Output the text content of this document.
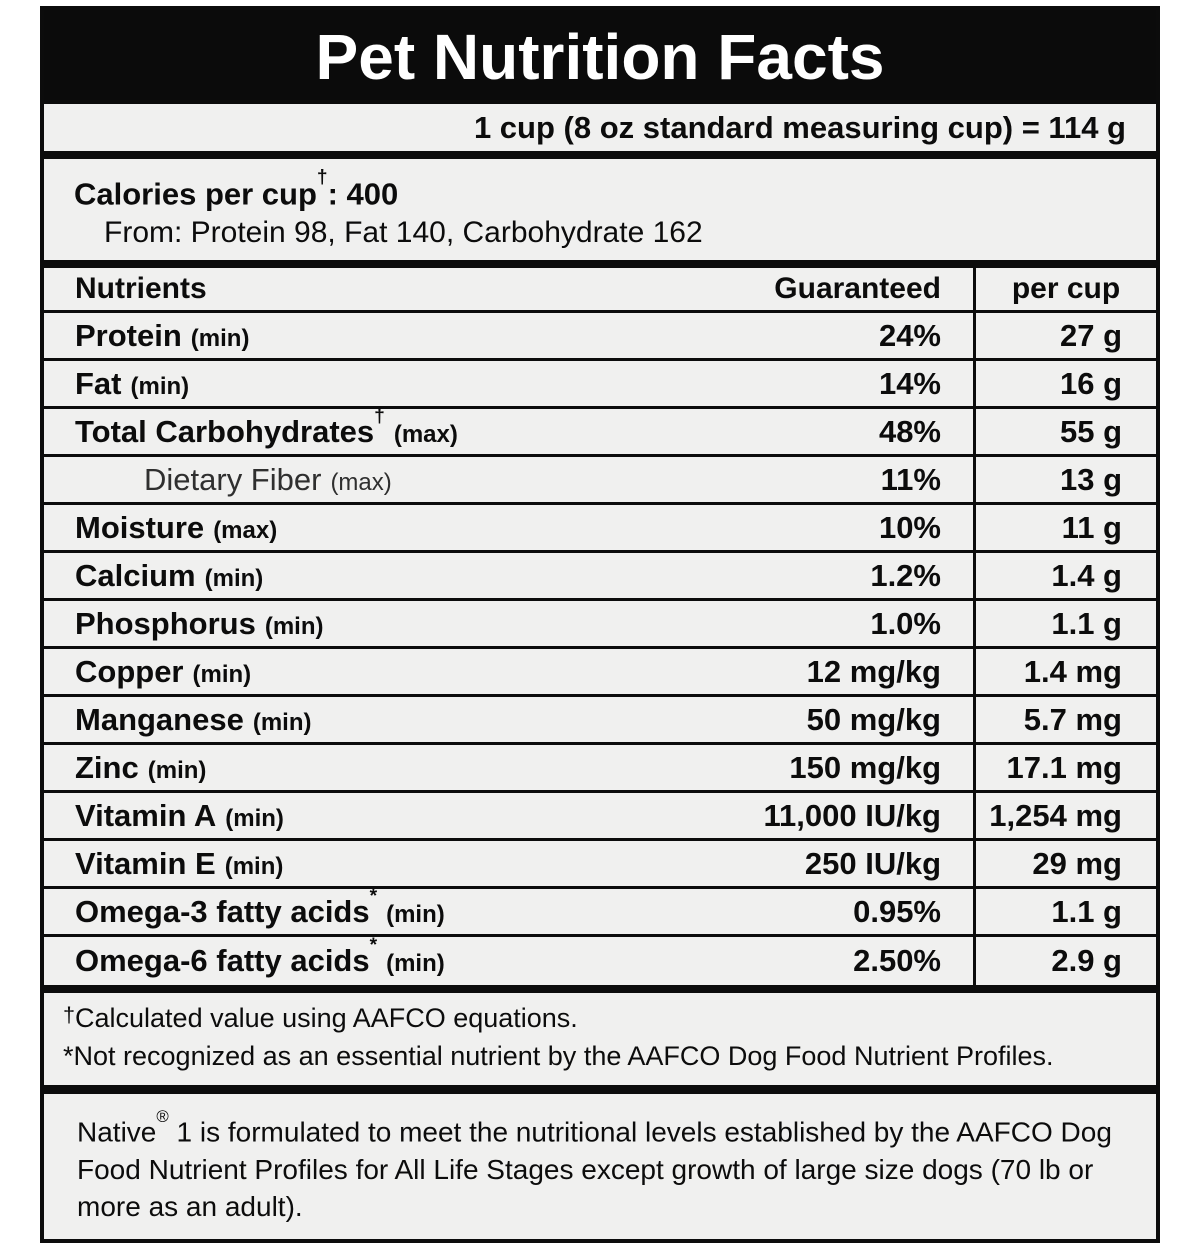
Pet Nutrition Facts
1 cup (8 oz standard measuring cup) = 114 g
Calories per cup†: 400
From: Protein 98, Fat 140, Carbohydrate 162
Nutrients	Guaranteed per cup
Protein (min)	24%	27 g
Fat (min)	14%	16 g
Total Carbohydrates†(max)	48%	55 g
Dietary Fiber (max)	11%	13 g
Moisture (max)	10%	11 g
Calcium (min)	1.2%	1.4 g
Phosphorus (min)	1.0%	1.1 g
Copper (min)	12 mg/kg	1.4 mg
Manganese (min)	50 mg/kg	5.7 mg
Zinc (min)	150 mg/kg 17.1 mg
Vitamin A (min)	11,000 IU/kg 1,254 mg
Vitamin E (min)	250 IU/kg	29 mg
Omega-3 fatty acids*(min)	0.95%	1.1 g
Omega-6 fatty acids*(min)	2.50%	2.9 g
†Calculated value using AAFCO equations.
*Not recognized as an essential nutrient by the AAFCO Dog Food Nutrient Profiles.

Native® 1 is formulated to meet the nutritional levels established by the AAFCO Dog Food Nutrient Profiles for All Life Stages except growth of large size dogs (70 lb or more as an adult).
